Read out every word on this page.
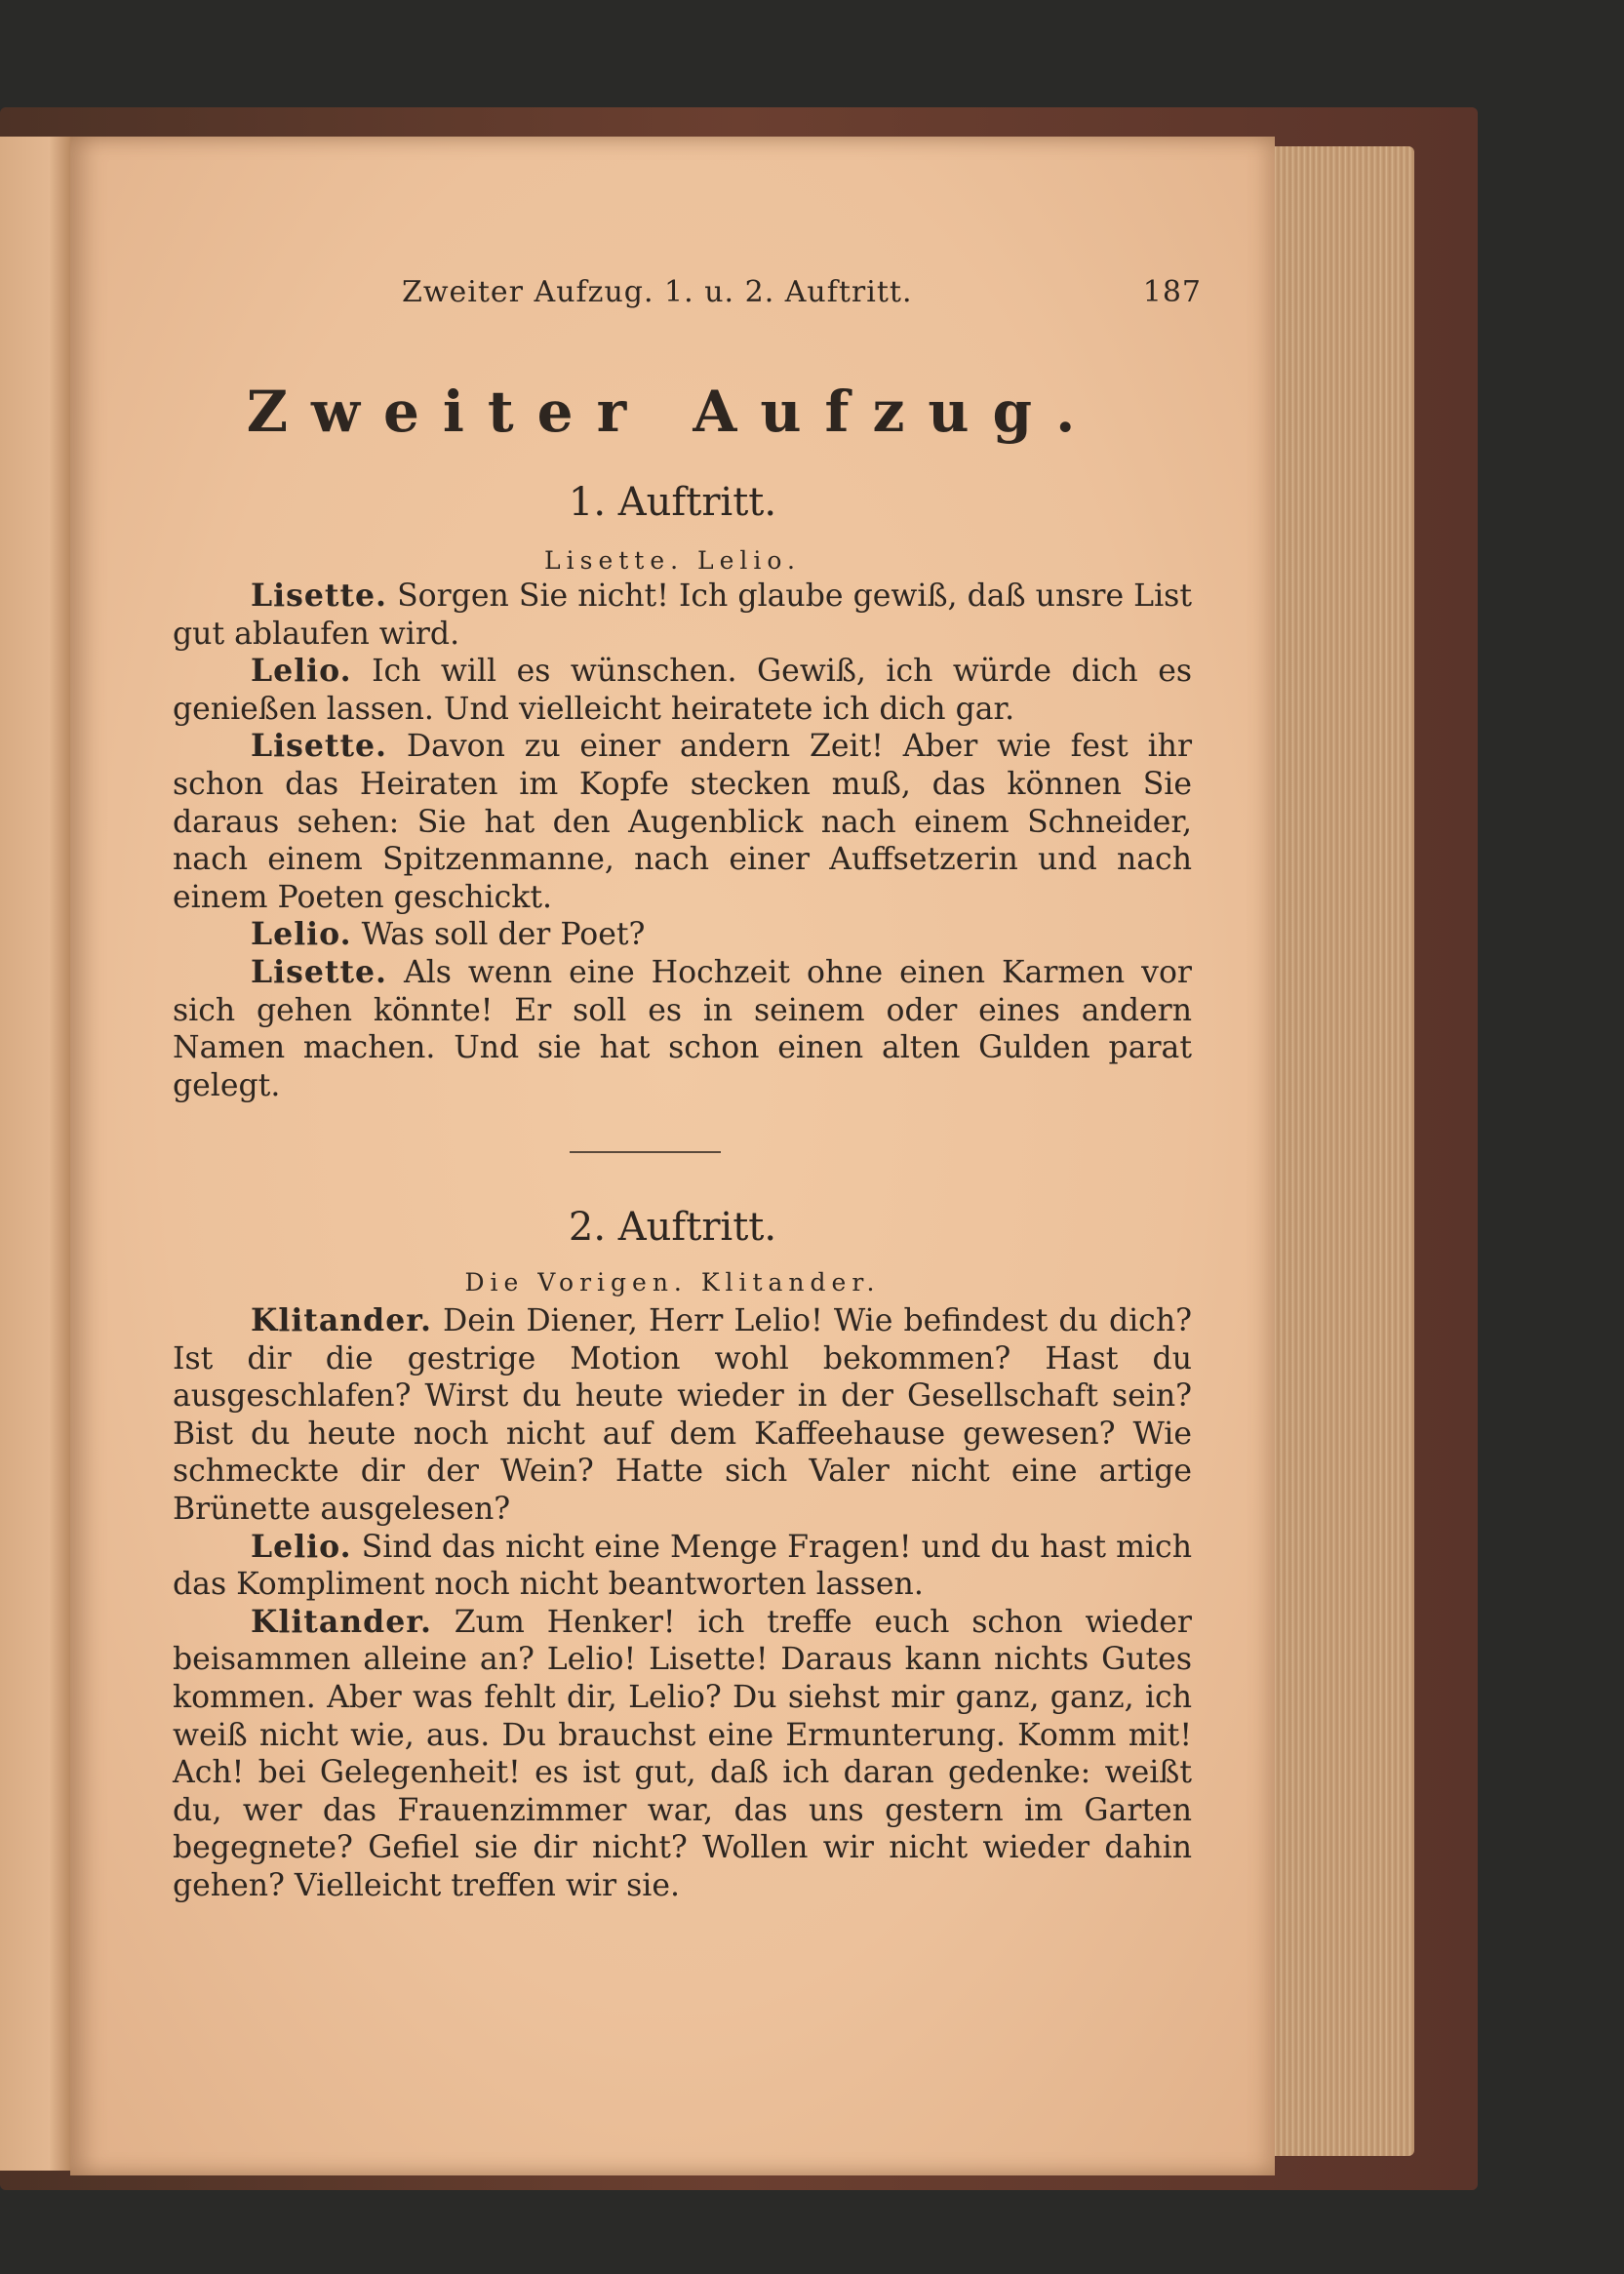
Zweiter Aufzug. 1. u. 2. Auftritt.	187
Zweiter Aufzug.
1. Auftritt.
Lisette. Lelio.

Lisette. Sorgen Sie nicht! Ich glaube gewiß, daß unsre List gut ablaufen wird.

Lelio. Ich will es wünschen. Gewiß, ich würde dich es genießen lassen. Und vielleicht heiratete ich dich gar.

Lisette. Davon zu einer andern Zeit! Aber wie fest ihr schon das Heiraten im Kopfe stecken muß, das können Sie daraus sehen: Sie hat den Augenblick nach einem Schneider, nach einem Spitzenmanne, nach einer Auffsetzerin und nach einem Poeten geschickt.

Lelio. Was soll der Poet?

Lisette. Als wenn eine Hochzeit ohne einen Karmen vor sich gehen könnte! Er soll es in seinem oder eines andern Namen machen. Und sie hat schon einen alten Gulden parat gelegt.

2. Auftritt.
Die Vorigen. Klitander.

Klitander. Dein Diener, Herr Lelio! Wie befindest du dich? Ist dir die gestrige Motion wohl bekommen? Hast du ausgeschlafen? Wirst du heute wieder in der Gesellschaft sein? Bist du heute noch nicht auf dem Kaffeehause gewesen? Wie schmeckte dir der Wein? Hatte sich Valer nicht eine artige Brünette ausgelesen?

Lelio. Sind das nicht eine Menge Fragen! und du hast mich das Kompliment noch nicht beantworten lassen.

Klitander. Zum Henker! ich treffe euch schon wieder beisammen alleine an? Lelio! Lisette! Daraus kann nichts Gutes kommen. Aber was fehlt dir, Lelio? Du siehst mir ganz, ganz, ich weiß nicht wie, aus. Du brauchst eine Ermunterung. Komm mit! Ach! bei Gelegenheit! es ist gut, daß ich daran gedenke: weißt du, wer das Frauenzimmer war, das uns gestern im Garten begegnete? Gefiel sie dir nicht? Wollen wir nicht wieder dahin gehen? Vielleicht treffen wir sie.
